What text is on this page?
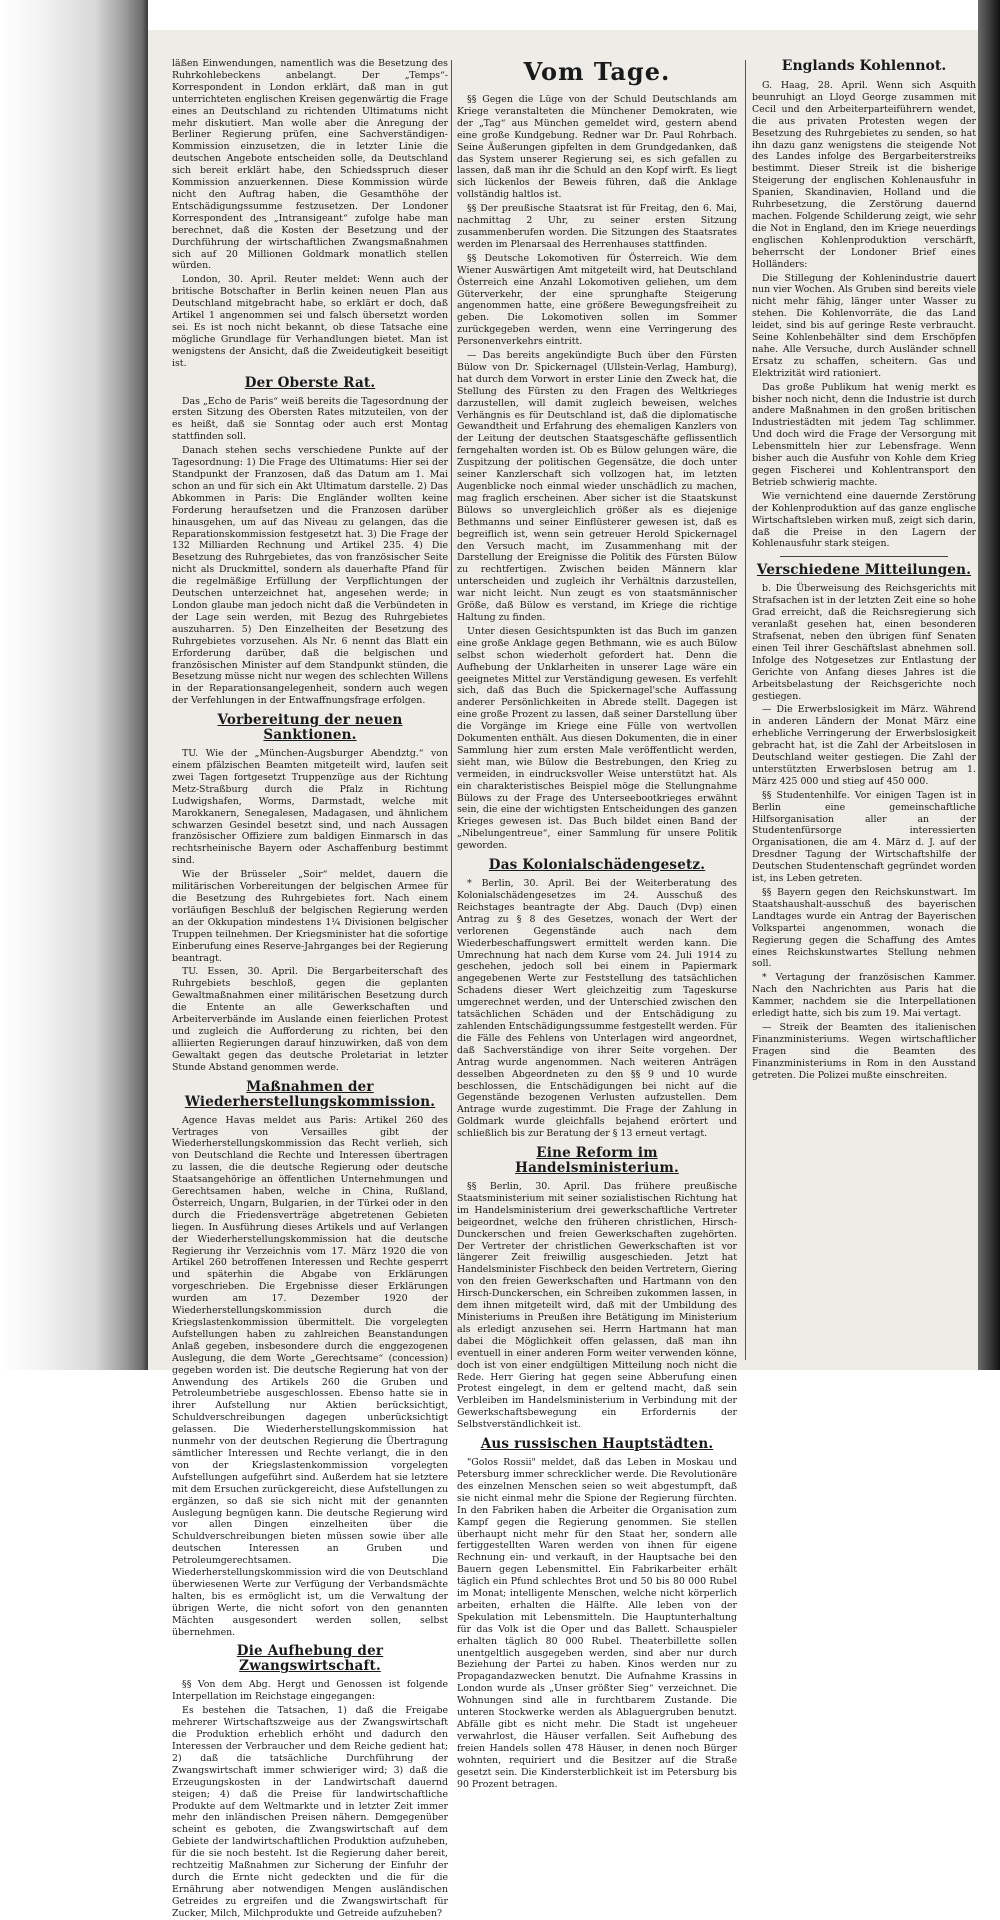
läßen Einwendungen, namentlich was die Besetzung des Ruhrkohlebeckens anbelangt. Der „Temps“-Korrespondent in London erklärt, daß man in gut unterrichteten englischen Kreisen gegenwärtig die Frage eines an Deutschland zu richtenden Ultimatums nicht mehr diskutiert. Man wolle aber die Anregung der Berliner Regierung prüfen, eine Sachverständigen-Kommission einzusetzen, die in letzter Linie die deutschen Angebote entscheiden solle, da Deutschland sich bereit erklärt habe, den Schiedsspruch dieser Kommission anzuerkennen. Diese Kommission würde nicht den Auftrag haben, die Gesamthöhe der Entschädigungssumme festzusetzen. Der Londoner Korrespondent des „Intransigeant“ zufolge habe man berechnet, daß die Kosten der Besetzung und der Durchführung der wirtschaftlichen Zwangsmaßnahmen sich auf 20 Millionen Goldmark monatlich stellen würden.

London, 30. April. Reuter meldet: Wenn auch der britische Botschafter in Berlin keinen neuen Plan aus Deutschland mitgebracht habe, so erklärt er doch, daß Artikel 1 angenommen sei und falsch übersetzt worden sei. Es ist noch nicht bekannt, ob diese Tatsache eine mögliche Grundlage für Verhandlungen bietet. Man ist wenigstens der Ansicht, daß die Zweideutigkeit beseitigt ist.

Der Oberste Rat.

Das „Echo de Paris“ weiß bereits die Tagesordnung der ersten Sitzung des Obersten Rates mitzuteilen, von der es heißt, daß sie Sonntag oder auch erst Montag stattfinden soll.

Danach stehen sechs verschiedene Punkte auf der Tagesordnung: 1) Die Frage des Ultimatums: Hier sei der Standpunkt der Franzosen, daß das Datum am 1. Mai schon an und für sich ein Akt Ultimatum darstelle. 2) Das Abkommen in Paris: Die Engländer wollten keine Forderung heraufsetzen und die Franzosen darüber hinausgehen, um auf das Niveau zu gelangen, das die Reparationskommission festgesetzt hat. 3) Die Frage der 132 Milliarden Rechnung und Artikel 235. 4) Die Besetzung des Ruhrgebietes, das von französischer Seite nicht als Druckmittel, sondern als dauerhafte Pfand für die regelmäßige Erfüllung der Verpflichtungen der Deutschen unterzeichnet hat, angesehen werde; in London glaube man jedoch nicht daß die Verbündeten in der Lage sein werden, mit Bezug des Ruhrgebietes auszuharren. 5) Den Einzelheiten der Besetzung des Ruhrgebietes vorzusehen. Als Nr. 6 nennt das Blatt ein Erforderung darüber, daß die belgischen und französischen Minister auf dem Standpunkt stünden, die Besetzung müsse nicht nur wegen des schlechten Willens in der Reparationsangelegenheit, sondern auch wegen der Verfehlungen in der Entwaffnungsfrage erfolgen.

Vorbereitung der neuen Sanktionen.

TU. Wie der „München-Augsburger Abendztg.“ von einem pfälzischen Beamten mitgeteilt wird, laufen seit zwei Tagen fortgesetzt Truppenzüge aus der Richtung Metz-Straßburg durch die Pfalz in Richtung Ludwigshafen, Worms, Darmstadt, welche mit Marokkanern, Senegalesen, Madagasen, und ähnlichem schwarzen Gesindel besetzt sind, und nach Aussagen französischer Offiziere zum baldigen Einmarsch in das rechtsrheinische Bayern oder Aschaffenburg bestimmt sind.

Wie der Brüsseler „Soir“ meldet, dauern die militärischen Vorbereitungen der belgischen Armee für die Besetzung des Ruhrgebietes fort. Nach einem vorläufigen Beschluß der belgischen Regierung werden an der Okkupation mindestens 1¼ Divisionen belgischer Truppen teilnehmen. Der Kriegsminister hat die sofortige Einberufung eines Reserve-Jahrganges bei der Regierung beantragt.

TU. Essen, 30. April. Die Bergarbeiterschaft des Ruhrgebiets beschloß, gegen die geplanten Gewaltmaßnahmen einer militärischen Besetzung durch die Entente an alle Gewerkschaften und Arbeiterverbände im Auslande einen feierlichen Protest und zugleich die Aufforderung zu richten, bei den alliierten Regierungen darauf hinzuwirken, daß von dem Gewaltakt gegen das deutsche Proletariat in letzter Stunde Abstand genommen werde.

Maßnahmen der Wiederherstellungskommission.

Agence Havas meldet aus Paris: Artikel 260 des Vertrages von Versailles gibt der Wiederherstellungskommission das Recht verlieh, sich von Deutschland die Rechte und Interessen übertragen zu lassen, die die deutsche Regierung oder deutsche Staatsangehörige an öffentlichen Unternehmungen und Gerechtsamen haben, welche in China, Rußland, Österreich, Ungarn, Bulgarien, in der Türkei oder in den durch die Friedensverträge abgetretenen Gebieten liegen. In Ausführung dieses Artikels und auf Verlangen der Wiederherstellungskommission hat die deutsche Regierung ihr Verzeichnis vom 17. März 1920 die von Artikel 260 betroffenen Interessen und Rechte gesperrt und späterhin die Abgabe von Erklärungen vorgeschrieben. Die Ergebnisse dieser Erklärungen wurden am 17. Dezember 1920 der Wiederherstellungskommission durch die Kriegslastenkommission übermittelt. Die vorgelegten Aufstellungen haben zu zahlreichen Beanstandungen Anlaß gegeben, insbesondere durch die enggezogenen Auslegung, die dem Worte „Gerechtsame“ (concession) gegeben worden ist. Die deutsche Regierung hat von der Anwendung des Artikels 260 die Gruben und Petroleumbetriebe ausgeschlossen. Ebenso hatte sie in ihrer Aufstellung nur Aktien berücksichtigt, Schuldverschreibungen dagegen unberücksichtigt gelassen. Die Wiederherstellungskommission hat nunmehr von der deutschen Regierung die Übertragung sämtlicher Interessen und Rechte verlangt, die in den von der Kriegslastenkommission vorgelegten Aufstellungen aufgeführt sind. Außerdem hat sie letztere mit dem Ersuchen zurückgereicht, diese Aufstellungen zu ergänzen, so daß sie sich nicht mit der genannten Auslegung begnügen kann. Die deutsche Regierung wird vor allen Dingen einzelheiten über die Schuldverschreibungen bieten müssen sowie über alle deutschen Interessen an Gruben und Petroleumgerechtsamen. Die Wiederherstellungskommission wird die von Deutschland überwiesenen Werte zur Verfügung der Verbandsmächte halten, bis es ermöglicht ist, um die Verwaltung der übrigen Werte, die nicht sofort von den genannten Mächten ausgesondert werden sollen, selbst übernehmen.

Die Aufhebung der Zwangswirtschaft.

§§ Von dem Abg. Hergt und Genossen ist folgende Interpellation im Reichstage eingegangen:

Es bestehen die Tatsachen, 1) daß die Freigabe mehrerer Wirtschaftszweige aus der Zwangswirtschaft die Produktion erheblich erhöht und dadurch den Interessen der Verbraucher und dem Reiche gedient hat; 2) daß die tatsächliche Durchführung der Zwangswirtschaft immer schwieriger wird; 3) daß die Erzeugungskosten in der Landwirtschaft dauernd steigen; 4) daß die Preise für landwirtschaftliche Produkte auf dem Weltmarkte und in letzter Zeit immer mehr den inländischen Preisen nähern. Demgegenüber scheint es geboten, die Zwangswirtschaft auf dem Gebiete der landwirtschaftlichen Produktion aufzuheben, für die sie noch besteht. Ist die Regierung daher bereit, rechtzeitig Maßnahmen zur Sicherung der Einfuhr der durch die Ernte nicht gedeckten und die für die Ernährung aber notwendigen Mengen ausländischen Getreides zu ergreifen und die Zwangswirtschaft für Zucker, Milch, Milchprodukte und Getreide aufzuheben?

Vom Tage.

§§ Gegen die Lüge von der Schuld Deutschlands am Kriege veranstalteten die Münchener Demokraten, wie der „Tag“ aus München gemeldet wird, gestern abend eine große Kundgebung. Redner war Dr. Paul Rohrbach. Seine Äußerungen gipfelten in dem Grundgedanken, daß das System unserer Regierung sei, es sich gefallen zu lassen, daß man ihr die Schuld an den Kopf wirft. Es liegt sich lückenlos der Beweis führen, daß die Anklage vollständig haltlos ist.

§§ Der preußische Staatsrat ist für Freitag, den 6. Mai, nachmittag 2 Uhr, zu seiner ersten Sitzung zusammenberufen worden. Die Sitzungen des Staatsrates werden im Plenarsaal des Herrenhauses stattfinden.

§§ Deutsche Lokomotiven für Österreich. Wie dem Wiener Auswärtigen Amt mitgeteilt wird, hat Deutschland Österreich eine Anzahl Lokomotiven geliehen, um dem Güterverkehr, der eine sprunghafte Steigerung angenommen hatte, eine größere Bewegungsfreiheit zu geben. Die Lokomotiven sollen im Sommer zurückgegeben werden, wenn eine Verringerung des Personenverkehrs eintritt.

— Das bereits angekündigte Buch über den Fürsten Bülow von Dr. Spickernagel (Ullstein-Verlag, Hamburg), hat durch dem Vorwort in erster Linie den Zweck hat, die Stellung des Fürsten zu den Fragen des Weltkrieges darzustellen, will damit zugleich beweisen, welches Verhängnis es für Deutschland ist, daß die diplomatische Gewandtheit und Erfahrung des ehemaligen Kanzlers von der Leitung der deutschen Staatsgeschäfte geflissentlich ferngehalten worden ist. Ob es Bülow gelungen wäre, die Zuspitzung der politischen Gegensätze, die doch unter seiner Kanzlerschaft sich vollzogen hat, im letzten Augenblicke noch einmal wieder unschädlich zu machen, mag fraglich erscheinen. Aber sicher ist die Staatskunst Bülows so unvergleichlich größer als es diejenige Bethmanns und seiner Einflüsterer gewesen ist, daß es begreiflich ist, wenn sein getreuer Herold Spickernagel den Versuch macht, im Zusammenhang mit der Darstellung der Ereignisse die Politik des Fürsten Bülow zu rechtfertigen. Zwischen beiden Männern klar unterscheiden und zugleich ihr Verhältnis darzustellen, war nicht leicht. Nun zeugt es von staatsmännischer Größe, daß Bülow es verstand, im Kriege die richtige Haltung zu finden.

Unter diesen Gesichtspunkten ist das Buch im ganzen eine große Anklage gegen Bethmann, wie es auch Bülow selbst schon wiederholt gefordert hat. Denn die Aufhebung der Unklarheiten in unserer Lage wäre ein geeignetes Mittel zur Verständigung gewesen. Es verfehlt sich, daß das Buch die Spickernagel'sche Auffassung anderer Persönlichkeiten in Abrede stellt. Dagegen ist eine große Prozent zu lassen, daß seiner Darstellung über die Vorgänge im Kriege eine Fülle von wertvollen Dokumenten enthält. Aus diesen Dokumenten, die in einer Sammlung hier zum ersten Male veröffentlicht werden, sieht man, wie Bülow die Bestrebungen, den Krieg zu vermeiden, in eindrucksvoller Weise unterstützt hat. Als ein charakteristisches Beispiel möge die Stellungnahme Bülows zu der Frage des Unterseebootkrieges erwähnt sein, die eine der wichtigsten Entscheidungen des ganzen Krieges gewesen ist. Das Buch bildet einen Band der „Nibelungentreue“, einer Sammlung für unsere Politik geworden.

Das Kolonialschädengesetz.

* Berlin, 30. April. Bei der Weiterberatung des Kolonialschädengesetzes im 24. Ausschuß des Reichstages beantragte der Abg. Dauch (Dvp) einen Antrag zu § 8 des Gesetzes, wonach der Wert der verlorenen Gegenstände auch nach dem Wiederbeschaffungswert ermittelt werden kann. Die Umrechnung hat nach dem Kurse vom 24. Juli 1914 zu geschehen, jedoch soll bei einem in Papiermark angegebenen Werte zur Feststellung des tatsächlichen Schadens dieser Wert gleichzeitig zum Tageskurse umgerechnet werden, und der Unterschied zwischen den tatsächlichen Schäden und der Entschädigung zu zahlenden Entschädigungssumme festgestellt werden. Für die Fälle des Fehlens von Unterlagen wird angeordnet, daß Sachverständige von ihrer Seite vorgehen. Der Antrag wurde angenommen. Nach weiteren Anträgen desselben Abgeordneten zu den §§ 9 und 10 wurde beschlossen, die Entschädigungen bei nicht auf die Gegenstände bezogenen Verlusten aufzustellen. Dem Antrage wurde zugestimmt. Die Frage der Zahlung in Goldmark wurde gleichfalls bejahend erörtert und schließlich bis zur Beratung der § 13 erneut vertagt.

Eine Reform im Handelsministerium.

§§ Berlin, 30. April. Das frühere preußische Staatsministerium mit seiner sozialistischen Richtung hat im Handelsministerium drei gewerkschaftliche Vertreter beigeordnet, welche den früheren christlichen, Hirsch-Dunckerschen und freien Gewerkschaften zugehörten. Der Vertreter der christlichen Gewerkschaften ist vor längerer Zeit freiwillig ausgeschieden. Jetzt hat Handelsminister Fischbeck den beiden Vertretern, Giering von den freien Gewerkschaften und Hartmann von den Hirsch-Dunckerschen, ein Schreiben zukommen lassen, in dem ihnen mitgeteilt wird, daß mit der Umbildung des Ministeriums in Preußen ihre Betätigung im Ministerium als erledigt anzusehen sei. Herrn Hartmann hat man dabei die Möglichkeit offen gelassen, daß man ihn eventuell in einer anderen Form weiter verwenden könne, doch ist von einer endgültigen Mitteilung noch nicht die Rede. Herr Giering hat gegen seine Abberufung einen Protest eingelegt, in dem er geltend macht, daß sein Verbleiben im Handelsministerium in Verbindung mit der Gewerkschaftsbewegung ein Erfordernis der Selbstverständlichkeit ist.

Aus russischen Hauptstädten.

"Golos Rossii" meldet, daß das Leben in Moskau und Petersburg immer schrecklicher werde. Die Revolutionäre des einzelnen Menschen seien so weit abgestumpft, daß sie nicht einmal mehr die Spione der Regierung fürchten. In den Fabriken haben die Arbeiter die Organisation zum Kampf gegen die Regierung genommen. Sie stellen überhaupt nicht mehr für den Staat her, sondern alle fertiggestellten Waren werden von ihnen für eigene Rechnung ein- und verkauft, in der Hauptsache bei den Bauern gegen Lebensmittel. Ein Fabrikarbeiter erhält täglich ein Pfund schlechtes Brot und 50 bis 80 000 Rubel im Monat; intelligente Menschen, welche nicht körperlich arbeiten, erhalten die Hälfte. Alle leben von der Spekulation mit Lebensmitteln. Die Hauptunterhaltung für das Volk ist die Oper und das Ballett. Schauspieler erhalten täglich 80 000 Rubel. Theaterbillette sollen unentgeltlich ausgegeben werden, sind aber nur durch Beziehung der Partei zu haben. Kinos werden nur zu Propagandazwecken benutzt. Die Aufnahme Krassins in London wurde als „Unser größter Sieg“ verzeichnet. Die Wohnungen sind alle in furchtbarem Zustande. Die unteren Stockwerke werden als Ablaguergruben benutzt. Abfälle gibt es nicht mehr. Die Stadt ist ungeheuer verwahrlost, die Häuser verfallen. Seit Aufhebung des freien Handels sollen 478 Häuser, in denen noch Bürger wohnten, requiriert und die Besitzer auf die Straße gesetzt sein. Die Kindersterblichkeit ist im Petersburg bis 90 Prozent betragen.

Englands Kohlennot.

G. Haag, 28. April. Wenn sich Asquith beunruhigt an Lloyd George zusammen mit Cecil und den Arbeiterparteiführern wendet, die aus privaten Protesten wegen der Besetzung des Ruhrgebietes zu senden, so hat ihn dazu ganz wenigstens die steigende Not des Landes infolge des Bergarbeiterstreiks bestimmt. Dieser Streik ist die bisherige Steigerung der englischen Kohlenausfuhr in Spanien, Skandinavien, Holland und die Ruhrbesetzung, die Zerstörung dauernd machen. Folgende Schilderung zeigt, wie sehr die Not in England, den im Kriege neuerdings englischen Kohlenproduktion verschärft, beherrscht der Londoner Brief eines Holländers:

Die Stillegung der Kohlenindustrie dauert nun vier Wochen. Als Gruben sind bereits viele nicht mehr fähig, länger unter Wasser zu stehen. Die Kohlenvorräte, die das Land leidet, sind bis auf geringe Reste verbraucht. Seine Kohlenbehälter sind dem Erschöpfen nahe. Alle Versuche, durch Ausländer schnell Ersatz zu schaffen, scheitern. Gas und Elektrizität wird rationiert.

Das große Publikum hat wenig merkt es bisher noch nicht, denn die Industrie ist durch andere Maßnahmen in den großen britischen Industriestädten mit jedem Tag schlimmer. Und doch wird die Frage der Versorgung mit Lebensmitteln hier zur Lebensfrage. Wenn bisher auch die Ausfuhr von Kohle dem Krieg gegen Fischerei und Kohlentransport den Betrieb schwierig machte.

Wie vernichtend eine dauernde Zerstörung der Kohlenproduktion auf das ganze englische Wirtschaftsleben wirken muß, zeigt sich darin, daß die Preise in den Lagern der Kohlenausfuhr stark steigen.

Verschiedene Mitteilungen.

b. Die Überweisung des Reichsgerichts mit Strafsachen ist in der letzten Zeit eine so hohe Grad erreicht, daß die Reichsregierung sich veranlaßt gesehen hat, einen besonderen Strafsenat, neben den übrigen fünf Senaten einen Teil ihrer Geschäftslast abnehmen soll. Infolge des Notgesetzes zur Entlastung der Gerichte von Anfang dieses Jahres ist die Arbeitsbelastung der Reichsgerichte noch gestiegen.

— Die Erwerbslosigkeit im März. Während in anderen Ländern der Monat März eine erhebliche Verringerung der Erwerbslosigkeit gebracht hat, ist die Zahl der Arbeitslosen in Deutschland weiter gestiegen. Die Zahl der unterstützten Erwerbslosen betrug am 1. März 425 000 und stieg auf 450 000.

§§ Studentenhilfe. Vor einigen Tagen ist in Berlin eine gemeinschaftliche Hilfsorganisation aller an der Studentenfürsorge interessierten Organisationen, die am 4. März d. J. auf der Dresdner Tagung der Wirtschaftshilfe der Deutschen Studentenschaft gegründet worden ist, ins Leben getreten.

§§ Bayern gegen den Reichskunstwart. Im Staatshaushalt-ausschuß des bayerischen Landtages wurde ein Antrag der Bayerischen Volkspartei angenommen, wonach die Regierung gegen die Schaffung des Amtes eines Reichskunstwartes Stellung nehmen soll.

* Vertagung der französischen Kammer. Nach den Nachrichten aus Paris hat die Kammer, nachdem sie die Interpellationen erledigt hatte, sich bis zum 19. Mai vertagt.

— Streik der Beamten des italienischen Finanzministeriums. Wegen wirtschaftlicher Fragen sind die Beamten des Finanzministeriums in Rom in den Ausstand getreten. Die Polizei mußte einschreiten.
